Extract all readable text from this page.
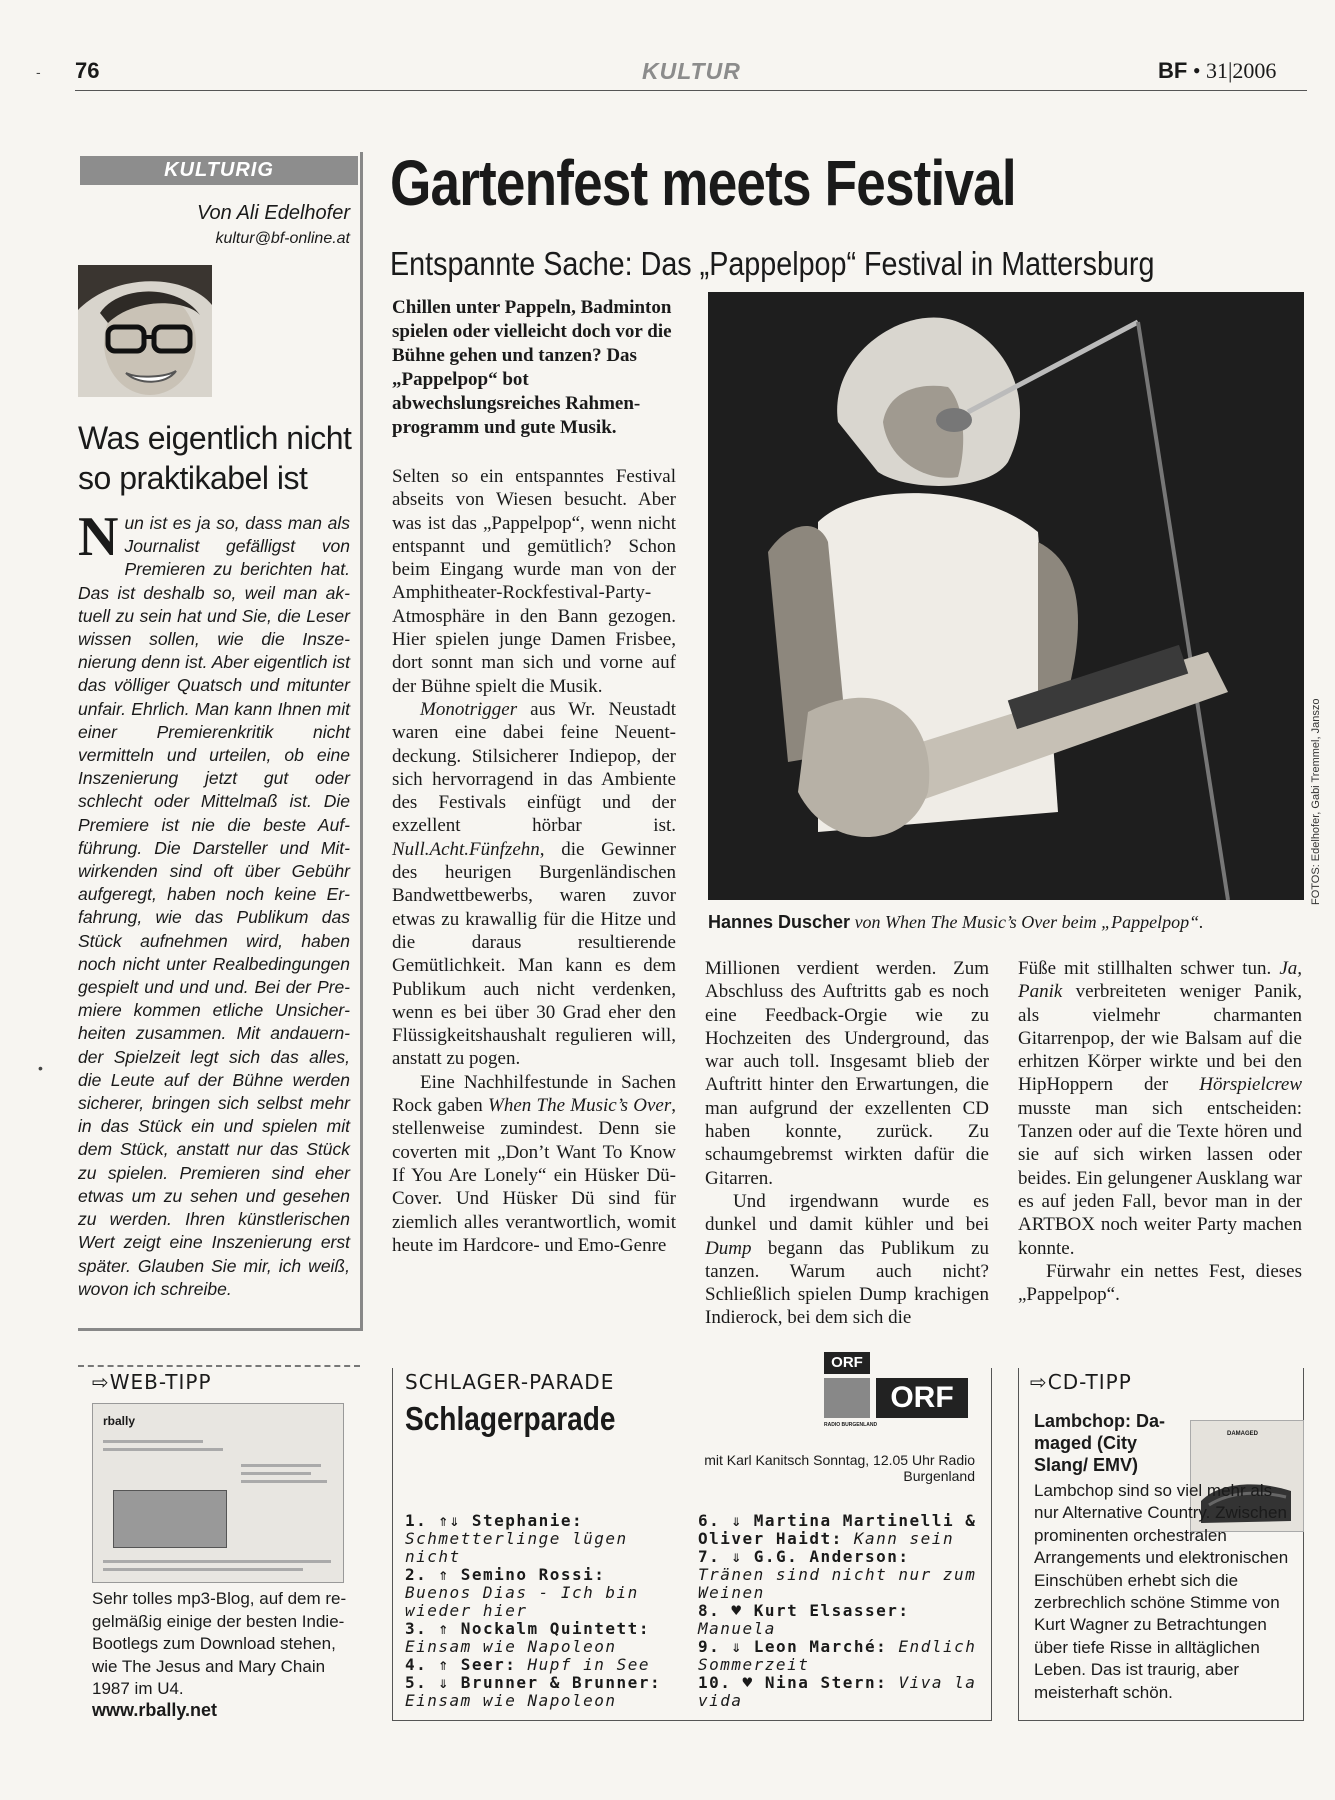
76	KULTUR	BF • 31|2006
KULTURIG
Von Ali Edelhofer
kultur@bf-online.at
Was eigentlich nicht so praktikabel ist
Nun ist es ja so, dass man als Journalist gefälligst von Premieren zu berichten hat. Das ist deshalb so, weil man aktuell zu sein hat und Sie, die Leser wissen sollen, wie die Inszenierung denn ist. Aber eigentlich ist das völliger Quatsch und mitunter unfair. Ehrlich. Man kann Ihnen mit einer Premierenkritik nicht vermitteln und urteilen, ob eine Inszenierung jetzt gut oder schlecht oder Mittelmaß ist. Die Premiere ist nie die beste Aufführung. Die Darsteller und Mitwirkenden sind oft über Gebühr aufgeregt, haben noch keine Erfahrung, wie das Publikum das Stück aufnehmen wird, haben noch nicht unter Realbedingungen gespielt und und und. Bei der Premiere kommen etliche Unsicherheiten zusammen. Mit andauernder Spielzeit legt sich das alles, die Leute auf der Bühne werden sicherer, bringen sich selbst mehr in das Stück ein und spielen mit dem Stück, anstatt nur das Stück zu spielen. Premieren sind eher etwas um zu sehen und gesehen zu werden. Ihren künstlerischen Wert zeigt eine Inszenierung erst später. Glauben Sie mir, ich weiß, wovon ich schreibe.
Gartenfest meets Festival
Entspannte Sache: Das „Pappelpop“ Festival in Mattersburg
Chillen unter Pappeln, Badminton spielen oder vielleicht doch vor die Bühne gehen und tanzen? Das „Pappelpop“ bot abwechslungsreiches Rahmenprogramm und gute Musik.

Selten so ein entspanntes Festival abseits von Wiesen besucht. Aber was ist das „Pappelpop“, wenn nicht entspannt und gemütlich? Schon beim Eingang wurde man von der Amphitheater-Rockfestival-Party-Atmosphäre in den Bann gezogen. Hier spielen junge Damen Frisbee, dort sonnt man sich und vorne auf der Bühne spielt die Musik.

Monotrigger aus Wr. Neustadt waren eine dabei feine Neuentdeckung. Stilsicherer Indiepop, der sich hervorragend in das Ambiente des Festivals einfügt und der exzellent hörbar ist. Null.Acht.Fünfzehn, die Gewinner des heurigen Burgenländischen Bandwettbewerbs, waren zuvor etwas zu krawallig für die Hitze und die daraus resultierende Gemütlichkeit. Man kann es dem Publikum auch nicht verdenken, wenn es bei über 30 Grad eher den Flüssigkeitshaushalt regulieren will, anstatt zu pogen.

Eine Nachhilfestunde in Sachen Rock gaben When The Music’s Over, stellenweise zumindest. Denn sie coverten mit „Don’t Want To Know If You Are Lonely“ ein Hüsker Dü-Cover. Und Hüsker Dü sind für ziemlich alles verantwortlich, womit heute im Hardcore- und Emo-Genre

Millionen verdient werden. Zum Abschluss des Auftritts gab es noch eine Feedback-Orgie wie zu Hochzeiten des Underground, das war auch toll. Insgesamt blieb der Auftritt hinter den Erwartungen, die man aufgrund der exzellenten CD haben konnte, zurück. Zu schaumgebremst wirkten dafür die Gitarren.

Und irgendwann wurde es dunkel und damit kühler und bei Dump begann das Publikum zu tanzen. Warum auch nicht? Schließlich spielen Dump krachigen Indierock, bei dem sich die

Füße mit stillhalten schwer tun. Ja, Panik verbreiteten weniger Panik, als vielmehr charmanten Gitarrenpop, der wie Balsam auf die erhitzen Körper wirkte und bei den HipHoppern der Hörspielcrew musste man sich entscheiden: Tanzen oder auf die Texte hören und sie auf sich wirken lassen oder beides. Ein gelungener Ausklang war es auf jeden Fall, bevor man in der ARTBOX noch weiter Party machen konnte.

Fürwahr ein nettes Fest, dieses „Pappelpop“.

FOTOS: Edelhofer, Gabi Tremmel, Janszo
Hannes Duscher von When The Music’s Over beim „Pappelpop“.
⇨WEB-TIPP
rbally
Sehr tolles mp3-Blog, auf dem regelmäßig einige der besten Indie-Bootlegs zum Download stehen, wie The Jesus and Mary Chain 1987 im U4.
www.rbally.net
SCHLAGER-PARADE
Schlagerparade
ORF
ORF
RADIO BURGENLAND
mit Karl Kanitsch Sonntag, 12.05 Uhr Radio Burgenland
1. ⇑⇓ Stephanie: Schmetterlinge lügen nicht
2. ⇑ Semino Rossi: Buenos Dias - Ich bin wieder hier
3. ⇑ Nockalm Quintett: Einsam wie Napoleon
4. ⇑ Seer: Hupf in See
5. ⇓ Brunner & Brunner: Einsam wie Napoleon
6. ⇓ Martina Martinelli & Oliver Haidt: Kann sein
7. ⇓ G.G. Anderson: Tränen sind nicht nur zum Weinen
8. ♥ Kurt Elsasser: Manuela
9. ⇓ Leon Marché: Endlich Sommerzeit
10. ♥ Nina Stern: Viva la vida
⇨CD-TIPP
Lambchop: Damaged (City Slang/ EMV)
DAMAGED
Lambchop sind so viel mehr als nur Alternative Country. Zwischen prominenten orchestralen Arrangements und elektronischen Einschüben erhebt sich die zerbrechlich schöne Stimme von Kurt Wagner zu Betrachtungen über tiefe Risse in alltäglichen Leben. Das ist traurig, aber meisterhaft schön.
-
•
